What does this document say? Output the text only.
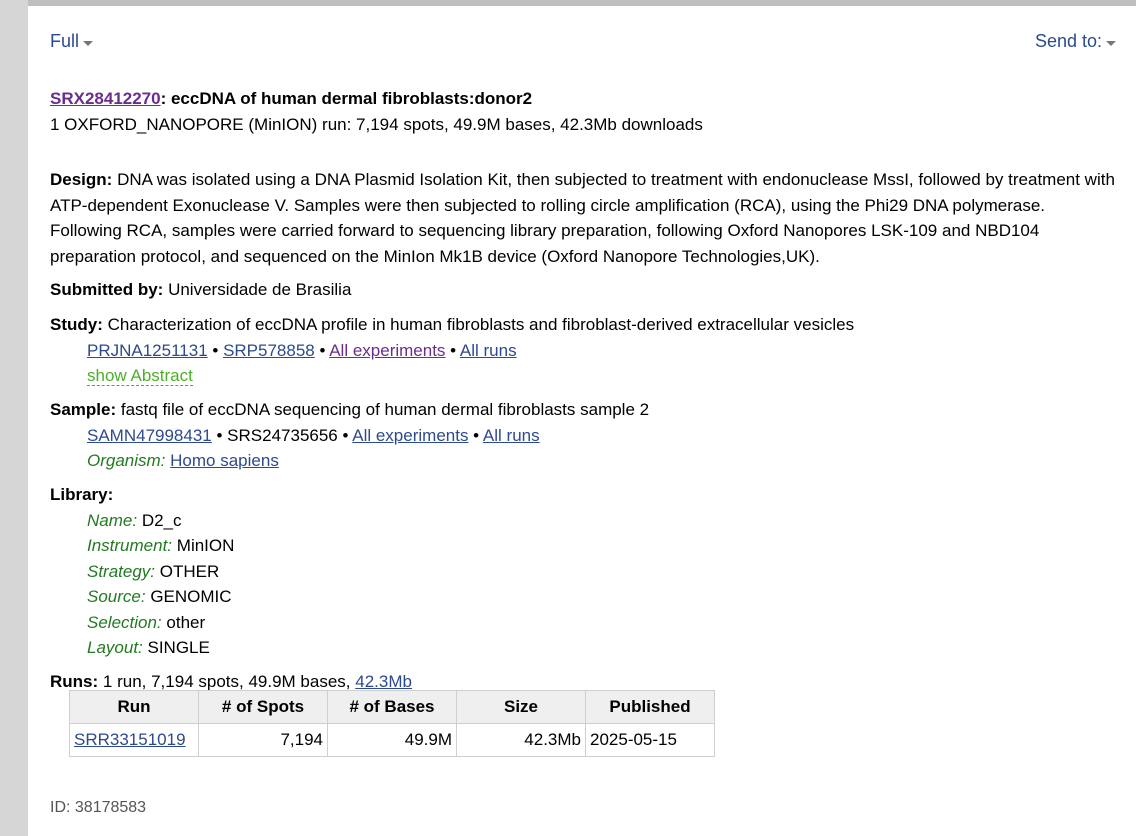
Full	Send to:
SRX28412270: eccDNA of human dermal fibroblasts:donor2
1 OXFORD_NANOPORE (MinION) run: 7,194 spots, 49.9M bases, 42.3Mb downloads
Design: DNA was isolated using a DNA Plasmid Isolation Kit, then subjected to treatment with endonuclease MssI, followed by treatment with ATP-dependent Exonuclease V. Samples were then subjected to rolling circle amplification (RCA), using the Phi29 DNA polymerase. Following RCA, samples were carried forward to sequencing library preparation, following Oxford Nanopores LSK-109 and NBD104 preparation protocol, and sequenced on the MinIon Mk1B device (Oxford Nanopore Technologies,UK).
Submitted by: Universidade de Brasilia
Study: Characterization of eccDNA profile in human fibroblasts and fibroblast-derived extracellular vesicles
PRJNA1251131 • SRP578858 • All experiments • All runs
show Abstract
Sample: fastq file of eccDNA sequencing of human dermal fibroblasts sample 2
SAMN47998431 • SRS24735656 • All experiments • All runs
Organism: Homo sapiens
Library:
Name: D2_c
Instrument: MinION
Strategy: OTHER
Source: GENOMIC
Selection: other
Layout: SINGLE
Runs: 1 run, 7,194 spots, 49.9M bases, 42.3Mb
Run	# of Spots	# of Bases	Size	Published
SRR33151019	7,194	49.9M	42.3Mb	2025-05-15
ID: 38178583
